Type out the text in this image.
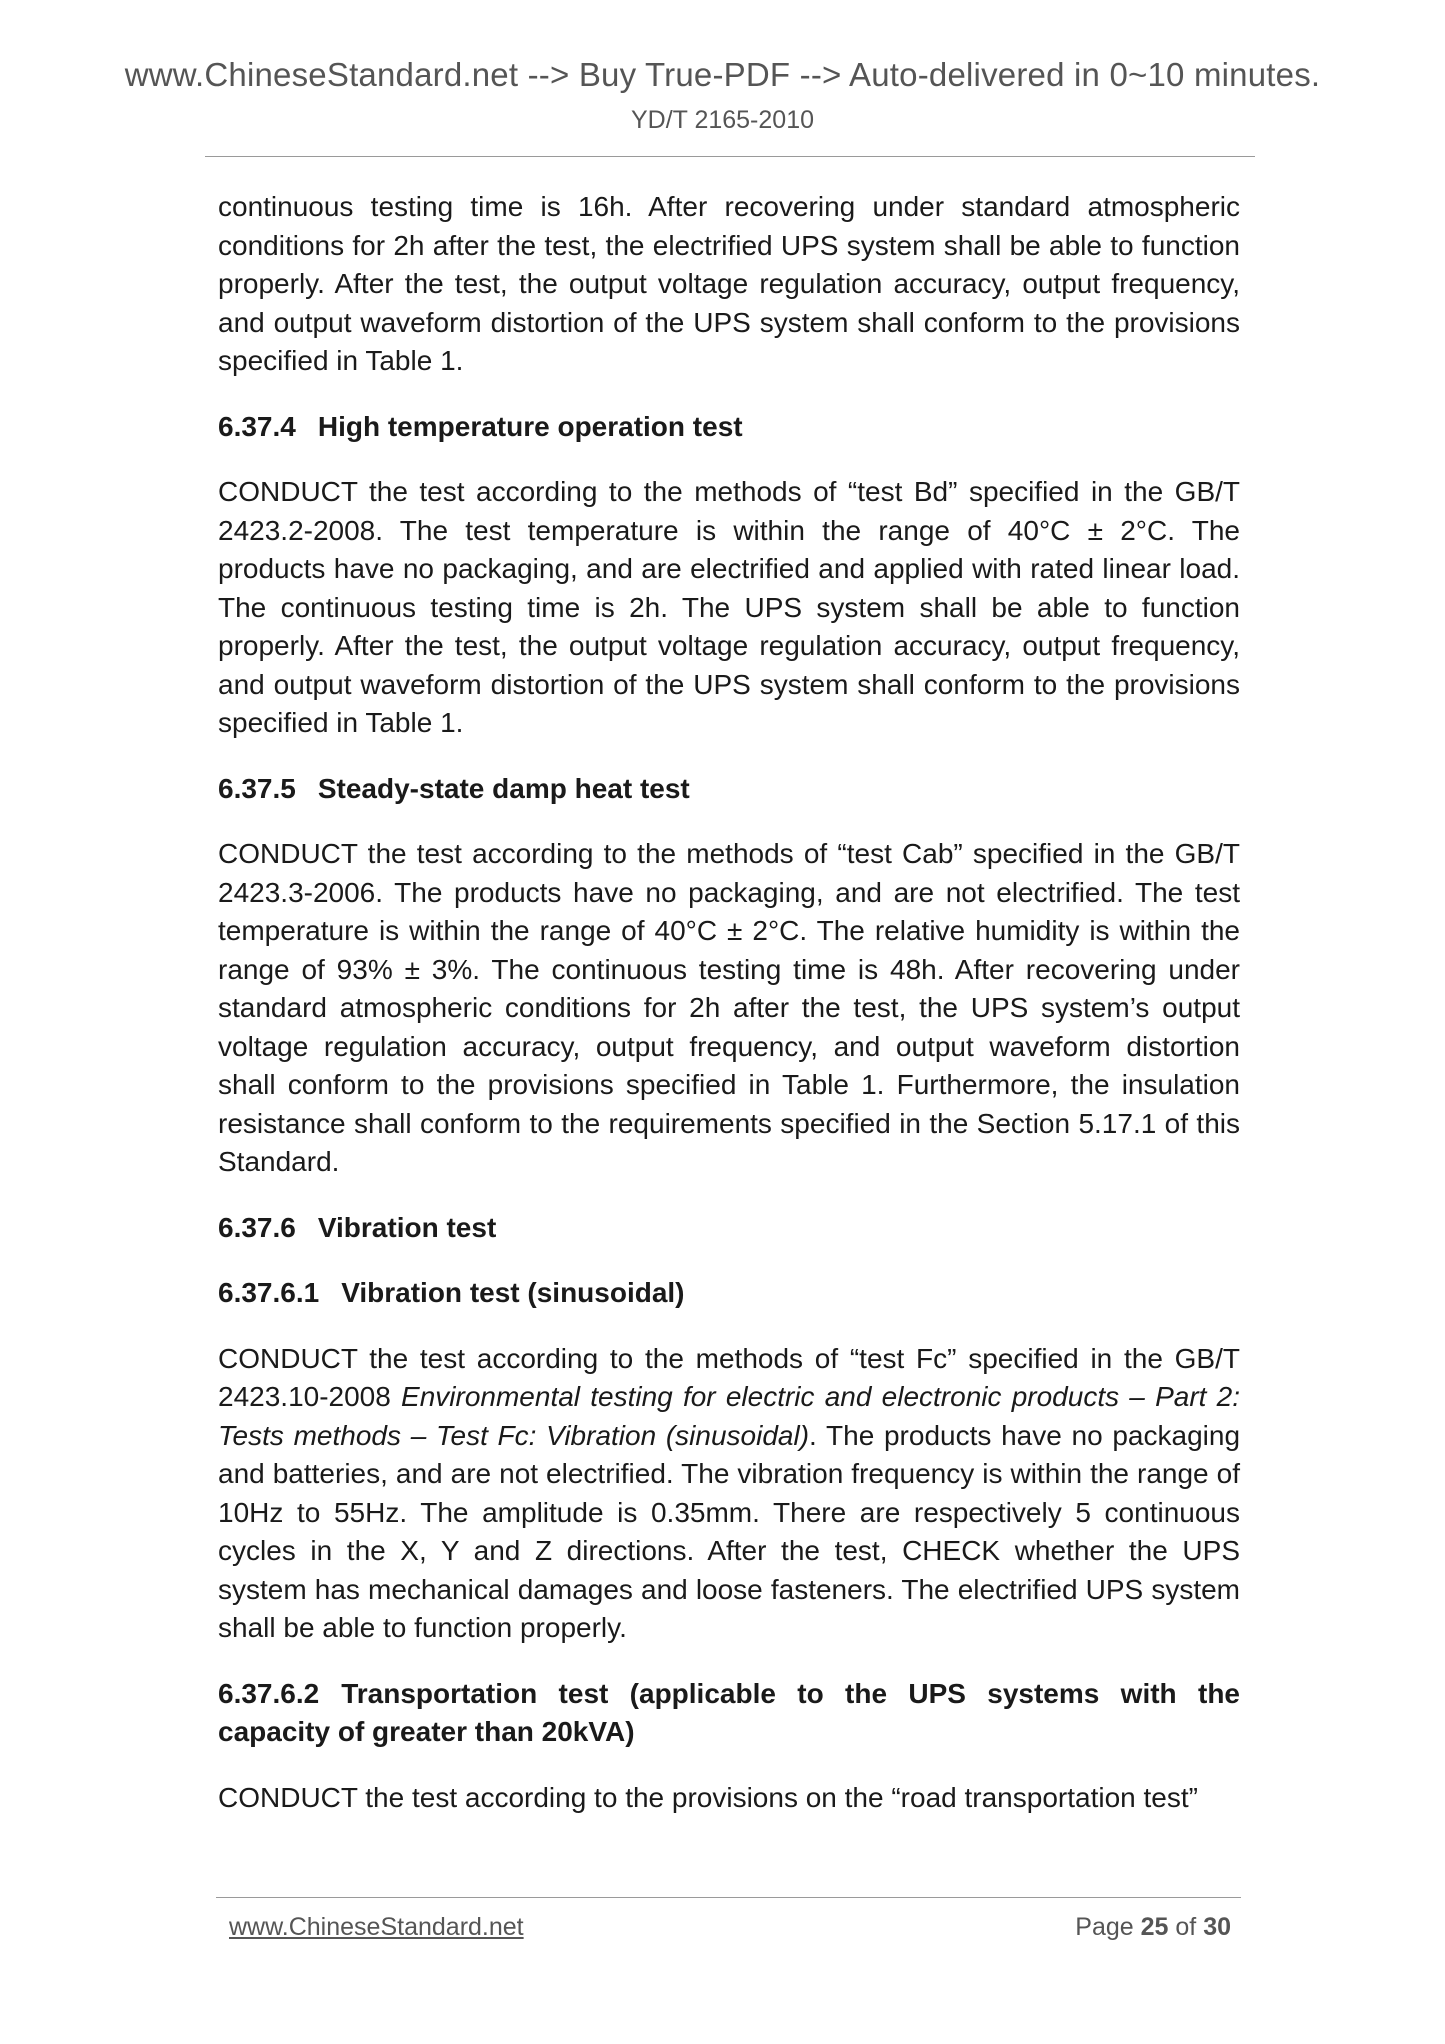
www.ChineseStandard.net --> Buy True-PDF --> Auto-delivered in 0~10 minutes.
YD/T 2165-2010

continuous testing time is 16h. After recovering under standard atmospheric conditions for 2h after the test, the electrified UPS system shall be able to function properly. After the test, the output voltage regulation accuracy, output frequency, and output waveform distortion of the UPS system shall conform to the provisions specified in Table 1.

6.37.4 High temperature operation test

CONDUCT the test according to the methods of “test Bd” specified in the GB/T 2423.2-2008. The test temperature is within the range of 40°C ± 2°C. The products have no packaging, and are electrified and applied with rated linear load. The continuous testing time is 2h. The UPS system shall be able to function properly. After the test, the output voltage regulation accuracy, output frequency, and output waveform distortion of the UPS system shall conform to the provisions specified in Table 1.

6.37.5 Steady-state damp heat test

CONDUCT the test according to the methods of “test Cab” specified in the GB/T 2423.3-2006. The products have no packaging, and are not electrified. The test temperature is within the range of 40°C ± 2°C. The relative humidity is within the range of 93% ± 3%. The continuous testing time is 48h. After recovering under standard atmospheric conditions for 2h after the test, the UPS system’s output voltage regulation accuracy, output frequency, and output waveform distortion shall conform to the provisions specified in Table 1. Furthermore, the insulation resistance shall conform to the requirements specified in the Section 5.17.1 of this Standard.

6.37.6 Vibration test
6.37.6.1 Vibration test (sinusoidal)

CONDUCT the test according to the methods of “test Fc” specified in the GB/T 2423.10-2008 Environmental testing for electric and electronic products – Part 2: Tests methods – Test Fc: Vibration (sinusoidal). The products have no packaging and batteries, and are not electrified. The vibration frequency is within the range of 10Hz to 55Hz. The amplitude is 0.35mm. There are respectively 5 continuous cycles in the X, Y and Z directions. After the test, CHECK whether the UPS system has mechanical damages and loose fasteners. The electrified UPS system shall be able to function properly.

6.37.6.2 Transportation test (applicable to the UPS systems with the capacity of greater than 20kVA)

CONDUCT the test according to the provisions on the “road transportation test”

www.ChineseStandard.net	Page 25 of 30
